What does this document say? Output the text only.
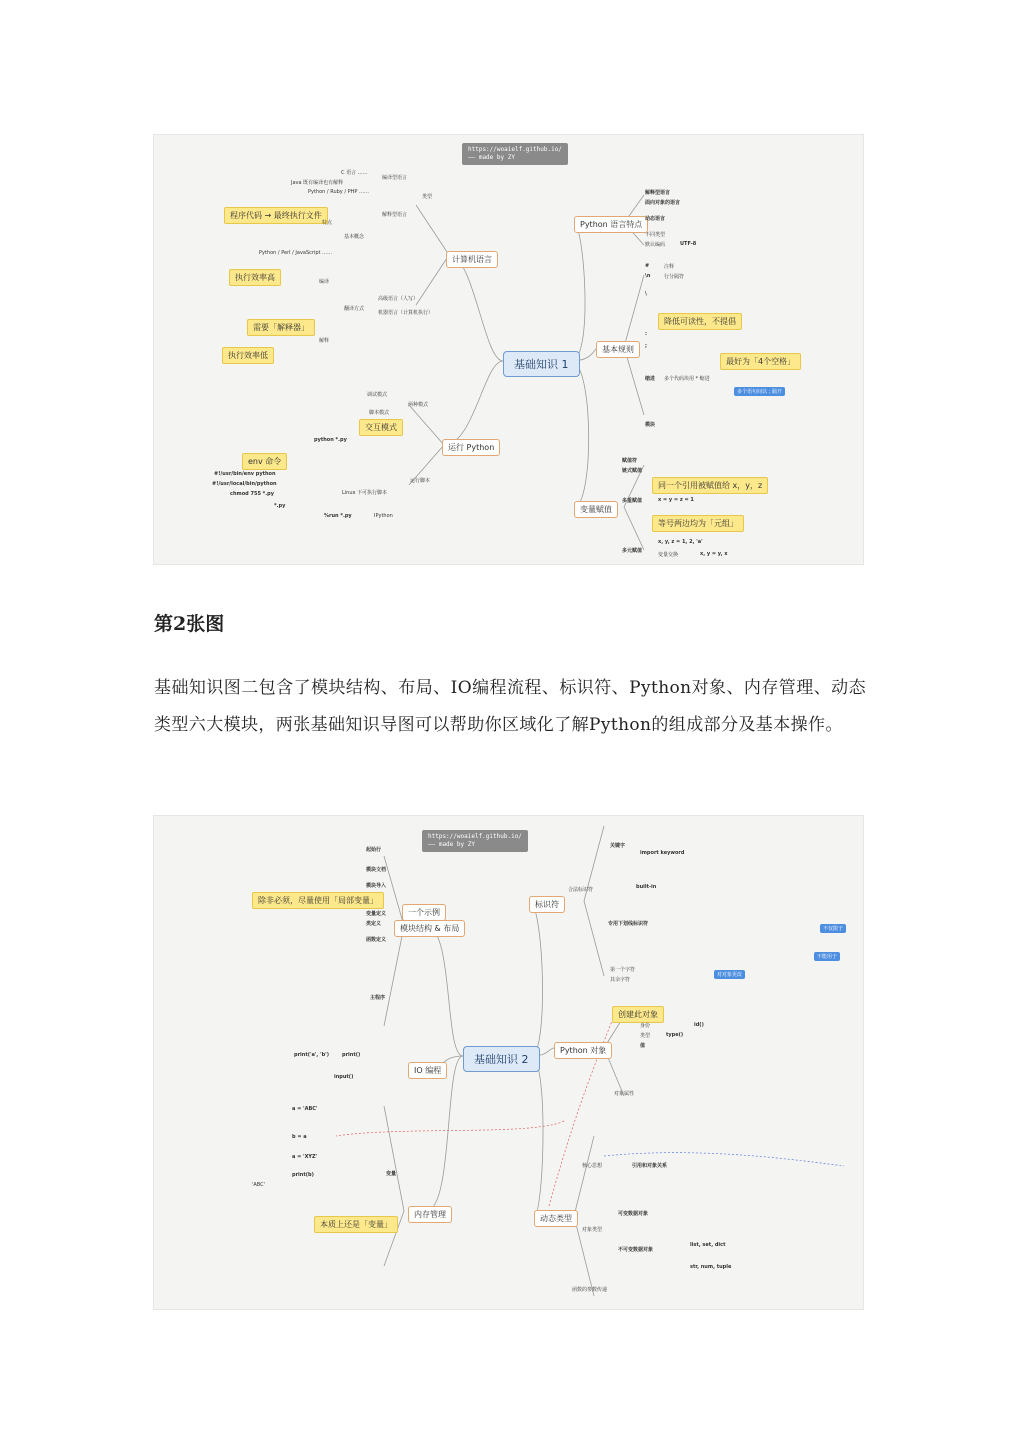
https://woaielf.github.io/
—— made by ZY
基础知识 1
计算机语言
运行 Python
Python 语言特点
基本规则
变量赋值
C 语言 ……
编译型语言
Java 既有编译也有解释
Python / Ruby / PHP ……
类型
解释型语言
程序代码 → 最终执行文件
特点
基本概念
Python / Perl / JavaScript ……
执行效率高	编译
高级语言（人写）
翻译方式
机器语言（计算机执行）
需要「解释器」
解释
执行效率低
调试模式
两种模式
脚本模式
交互模式
python *.py
env 命令
#!/usr/bin/env python
运行脚本
#!/usr/local/bin/python
Linux 下可执行脚本
chmod 755 *.py
*.py
%run *.py	IPython
解释型语言
面向对象的语言
动态语言
不同类型
默认编码	UTF-8
#	注释
\n	行分隔符
\
降低可读性，不提倡
:
;
最好为「4个空格」
缩进 多个代码块用 * 缩进
多个语句间以 ; 隔开
模块
赋值符
链式赋值
同一个引用被赋值给 x，y，z
多重赋值	x = y = z = 1
等号两边均为「元组」
x, y, z = 1, 2, 'a'
多元赋值
变量交换	x, y = y, x
第2张图
基础知识图二包含了模块结构、布局、IO编程流程、标识符、Python对象、内存管理、动态类型六大模块，两张基础知识导图可以帮助你区域化了解Python的组成部分及基本操作。
https://woaielf.github.io/
—— made by ZY
基础知识 2
一个示例
模块结构 & 布局
IO 编程
内存管理
标识符
Python 对象
动态类型
起始行
模块文档
模块导入
除非必须，尽量使用「局部变量」
变量定义
类定义
函数定义
主程序
print('a', 'b')	print()
input()
a = 'ABC'
b = a
a = 'XYZ'
print(b)
'ABC'
变量
本质上还是「变量」
合法标识符
关键字
import keyword
built-in
专用下划线标识符
第一个字符
其余字符
不仅限于
不能用于
对对象更改
创建此对象
身份	id()
类型	type()
值
对象属性
核心思想	引用和对象关系
对象类型
可变数据对象
list, set, dict
不可变数据对象
str, num, tuple
函数的参数传递
